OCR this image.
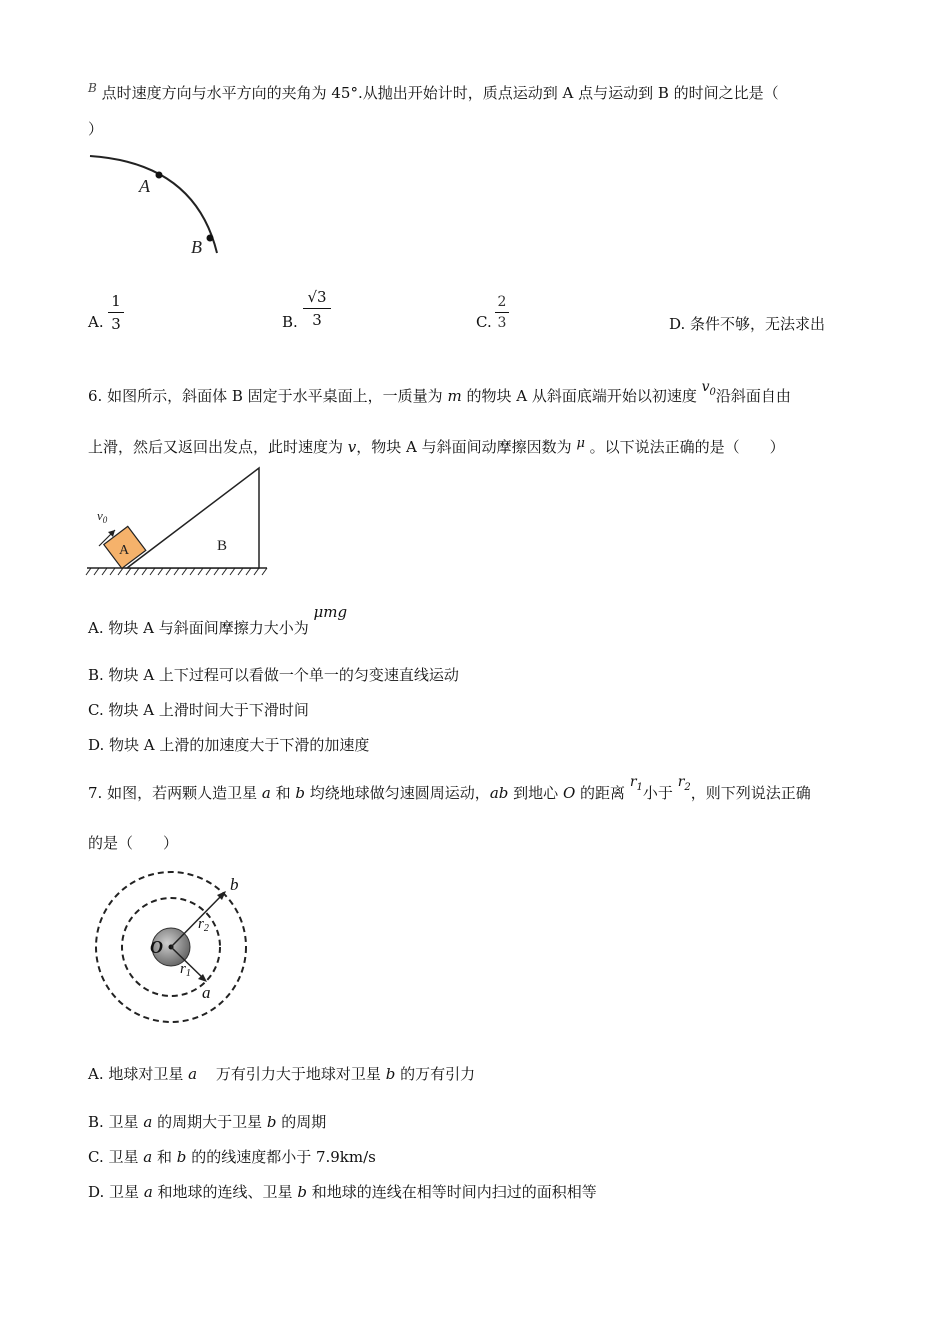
$^B$ 点时速度方向与水平方向的夹角为 45°.从抛出开始计时，质点运动到 A 点与运动到 B 的时间之比是（
）
A
B
A.
1
3	B.
√3
3	C.
2
3	D. 条件不够，无法求出
6. 如图所示，斜面体 B 固定于水平桌面上，一质量为 m 的物块 A 从斜面底端开始以初速度 $v_0$沿斜面自由
上滑，然后又返回出发点，此时速度为 v，物块 A 与斜面间动摩擦因数为 μ 。以下说法正确的是（　　）
B
A
$v_0$
A. 物块 A 与斜面间摩擦力大小为 μmg
B. 物块 A 上下过程可以看做一个单一的匀变速直线运动
C. 物块 A 上滑时间大于下滑时间
D. 物块 A 上滑的加速度大于下滑的加速度
7. 如图，若两颗人造卫星 a 和 b 均绕地球做匀速圆周运动，ab 到地心 O 的距离 $r_1$小于 $r_2$，则下列说法正确
的是（　　）
O
b
a
$r_2$
$r_1$
A. 地球对卫星 a 万有引力大于地球对卫星 b 的万有引力
B. 卫星 a 的周期大于卫星 b 的周期
C. 卫星 a 和 b 的的线速度都小于 7.9km/s
D. 卫星 a 和地球的连线、卫星 b 和地球的连线在相等时间内扫过的面积相等
